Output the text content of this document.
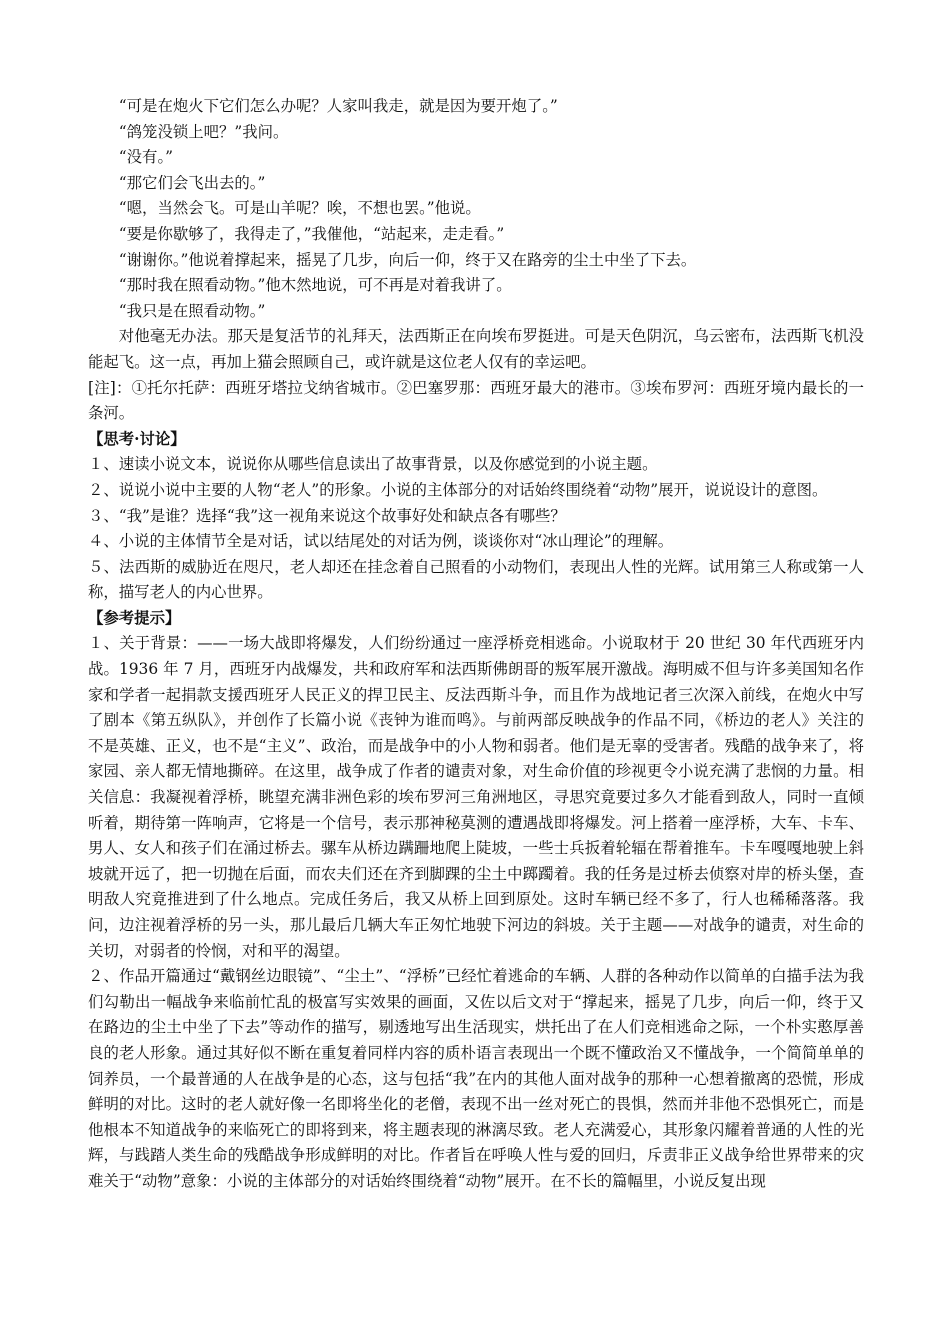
“可是在炮火下它们怎么办呢？人家叫我走，就是因为要开炮了。”

“鸽笼没锁上吧？”我问。

“没有。”

“那它们会飞出去的。”

“嗯，当然会飞。可是山羊呢？唉，不想也罢。”他说。

“要是你歇够了，我得走了，”我催他，“站起来，走走看。”

“谢谢你。”他说着撑起来，摇晃了几步，向后一仰，终于又在路旁的尘土中坐了下去。

“那时我在照看动物。”他木然地说，可不再是对着我讲了。

“我只是在照看动物。”

对他毫无办法。那天是复活节的礼拜天，法西斯正在向埃布罗挺进。可是天色阴沉，乌云密布，法西斯飞机没能起飞。这一点，再加上猫会照顾自己，或许就是这位老人仅有的幸运吧。

[注]：①托尔托萨：西班牙塔拉戈纳省城市。②巴塞罗那：西班牙最大的港市。③埃布罗河：西班牙境内最长的一条河。

【思考·讨论】

１、速读小说文本，说说你从哪些信息读出了故事背景，以及你感觉到的小说主题。

２、说说小说中主要的人物“老人”的形象。小说的主体部分的对话始终围绕着“动物”展开，说说设计的意图。

３、“我”是谁？选择“我”这一视角来说这个故事好处和缺点各有哪些？

４、小说的主体情节全是对话，试以结尾处的对话为例，谈谈你对“冰山理论”的理解。

５、法西斯的威胁近在咫尺，老人却还在挂念着自己照看的小动物们，表现出人性的光辉。试用第三人称或第一人称，描写老人的内心世界。

【参考提示】

１、关于背景：——一场大战即将爆发，人们纷纷通过一座浮桥竞相逃命。小说取材于 20 世纪 30 年代西班牙内战。1936 年 7 月，西班牙内战爆发，共和政府军和法西斯佛朗哥的叛军展开激战。海明威不但与许多美国知名作家和学者一起捐款支援西班牙人民正义的捍卫民主、反法西斯斗争，而且作为战地记者三次深入前线，在炮火中写了剧本《第五纵队》，并创作了长篇小说《丧钟为谁而鸣》。与前两部反映战争的作品不同，《桥边的老人》关注的不是英雄、正义，也不是“主义”、政治，而是战争中的小人物和弱者。他们是无辜的受害者。残酷的战争来了，将家园、亲人都无情地撕碎。在这里，战争成了作者的谴责对象，对生命价值的珍视更令小说充满了悲悯的力量。相关信息：我凝视着浮桥，眺望充满非洲色彩的埃布罗河三角洲地区，寻思究竟要过多久才能看到敌人，同时一直倾听着，期待第一阵响声，它将是一个信号，表示那神秘莫测的遭遇战即将爆发。河上搭着一座浮桥，大车、卡车、男人、女人和孩子们在涌过桥去。骡车从桥边蹒跚地爬上陡坡，一些士兵扳着轮辐在帮着推车。卡车嘎嘎地驶上斜坡就开远了，把一切抛在后面，而农夫们还在齐到脚踝的尘土中踯躅着。我的任务是过桥去侦察对岸的桥头堡，查明敌人究竟推进到了什么地点。完成任务后，我又从桥上回到原处。这时车辆已经不多了，行人也稀稀落落。我问，边注视着浮桥的另一头，那儿最后几辆大车正匆忙地驶下河边的斜坡。关于主题——对战争的谴责，对生命的关切，对弱者的怜悯，对和平的渴望。

２、作品开篇通过“戴钢丝边眼镜”、“尘土”、“浮桥”已经忙着逃命的车辆、人群的各种动作以简单的白描手法为我们勾勒出一幅战争来临前忙乱的极富写实效果的画面，又佐以后文对于“撑起来，摇晃了几步，向后一仰，终于又在路边的尘土中坐了下去”等动作的描写，剔透地写出生活现实，烘托出了在人们竞相逃命之际，一个朴实憨厚善良的老人形象。通过其好似不断在重复着同样内容的质朴语言表现出一个既不懂政治又不懂战争，一个简简单单的饲养员，一个最普通的人在战争是的心态，这与包括“我”在内的其他人面对战争的那种一心想着撤离的恐慌，形成鲜明的对比。这时的老人就好像一名即将坐化的老僧，表现不出一丝对死亡的畏惧，然而并非他不恐惧死亡，而是他根本不知道战争的来临死亡的即将到来，将主题表现的淋漓尽致。老人充满爱心，其形象闪耀着普通的人性的光辉，与践踏人类生命的残酷战争形成鲜明的对比。作者旨在呼唤人性与爱的回归，斥责非正义战争给世界带来的灾难关于“动物”意象：小说的主体部分的对话始终围绕着“动物”展开。在不长的篇幅里，小说反复出现
